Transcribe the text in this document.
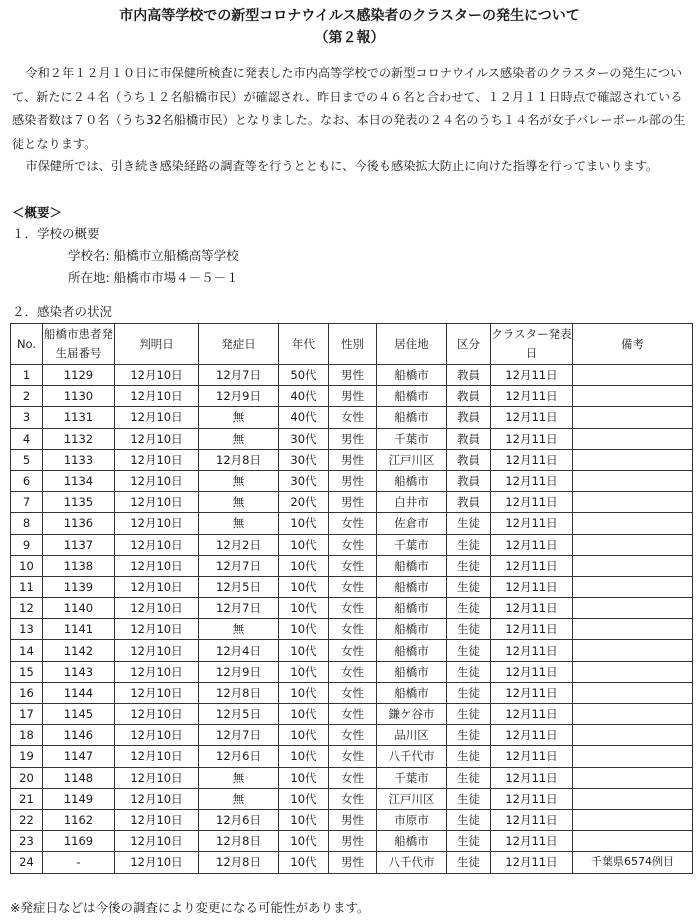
市内高等学校での新型コロナウイルス感染者のクラスターの発生について
（第２報）

令和２年１２月１０日に市保健所検査に発表した市内高等学校での新型コロナウイルス感染者のクラスターの発生について、新たに２４名（うち１２名船橋市民）が確認され、昨日までの４６名と合わせて、１２月１１日時点で確認されている感染者数は７０名（うち32名船橋市民）となりました。なお、本日の発表の２４名のうち１４名が女子バレーボール部の生徒となります。

市保健所では、引き続き感染経路の調査等を行うとともに、今後も感染拡大防止に向けた指導を行ってまいります。

＜概要＞
１．学校の概要
学校名: 船橋市立船橋高等学校
所在地: 船橋市市場４－５－１
２．感染者の状況
No.	船橋市患者発生届番号	判明日	発症日	年代	性別	居住地	区分	クラスター発表日	備考
1	1129	12月10日	12月7日	50代	男性	船橋市	教員	12月11日	
2	1130	12月10日	12月9日	40代	男性	船橋市	教員	12月11日	
3	1131	12月10日	無	40代	女性	船橋市	教員	12月11日	
4	1132	12月10日	無	30代	男性	千葉市	教員	12月11日	
5	1133	12月10日	12月8日	30代	男性	江戸川区	教員	12月11日	
6	1134	12月10日	無	30代	男性	船橋市	教員	12月11日	
7	1135	12月10日	無	20代	男性	白井市	教員	12月11日	
8	1136	12月10日	無	10代	女性	佐倉市	生徒	12月11日	
9	1137	12月10日	12月2日	10代	女性	千葉市	生徒	12月11日	
10	1138	12月10日	12月7日	10代	女性	船橋市	生徒	12月11日	
11	1139	12月10日	12月5日	10代	女性	船橋市	生徒	12月11日	
12	1140	12月10日	12月7日	10代	女性	船橋市	生徒	12月11日	
13	1141	12月10日	無	10代	女性	船橋市	生徒	12月11日	
14	1142	12月10日	12月4日	10代	女性	船橋市	生徒	12月11日	
15	1143	12月10日	12月9日	10代	女性	船橋市	生徒	12月11日	
16	1144	12月10日	12月8日	10代	女性	船橋市	生徒	12月11日	
17	1145	12月10日	12月5日	10代	女性	鎌ケ谷市	生徒	12月11日	
18	1146	12月10日	12月7日	10代	女性	品川区	生徒	12月11日	
19	1147	12月10日	12月6日	10代	女性	八千代市	生徒	12月11日	
20	1148	12月10日	無	10代	女性	千葉市	生徒	12月11日	
21	1149	12月10日	無	10代	女性	江戸川区	生徒	12月11日	
22	1162	12月10日	12月6日	10代	男性	市原市	生徒	12月11日	
23	1169	12月10日	12月8日	10代	男性	船橋市	生徒	12月11日	
24	-	12月10日	12月8日	10代	男性	八千代市	生徒	12月11日	千葉県6574例目
※発症日などは今後の調査により変更になる可能性があります。
